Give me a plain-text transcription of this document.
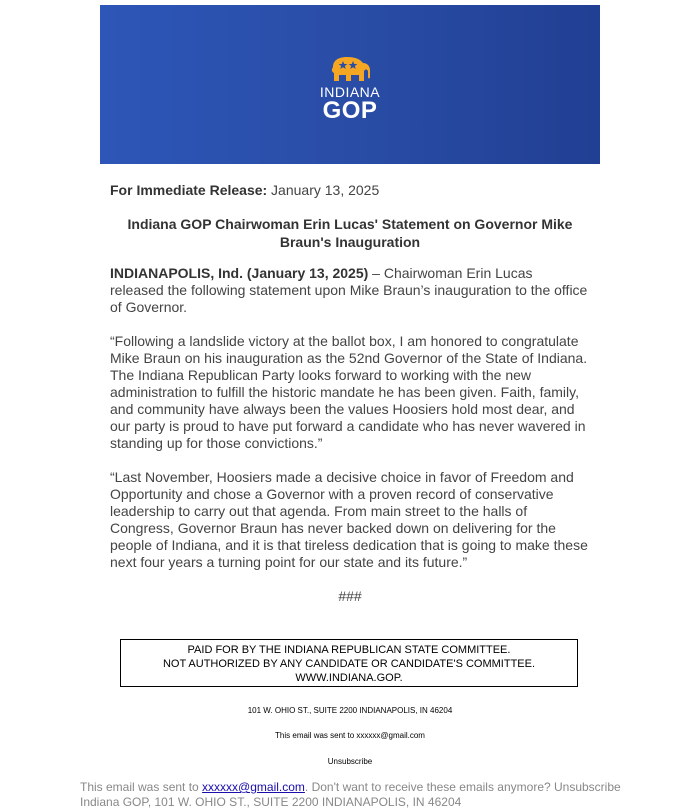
INDIANA
GOP

For Immediate Release: January 13, 2025

Indiana GOP Chairwoman Erin Lucas' Statement on Governor Mike Braun's Inauguration

INDIANAPOLIS, Ind. (January 13, 2025) – Chairwoman Erin Lucas released the following statement upon Mike Braun’s inauguration to the office of Governor.

“Following a landslide victory at the ballot box, I am honored to congratulate Mike Braun on his inauguration as the 52nd Governor of the State of Indiana. The Indiana Republican Party looks forward to working with the new administration to fulfill the historic mandate he has been given. Faith, family, and community have always been the values Hoosiers hold most dear, and our party is proud to have put forward a candidate who has never wavered in standing up for those convictions.”

“Last November, Hoosiers made a decisive choice in favor of Freedom and Opportunity and chose a Governor with a proven record of conservative leadership to carry out that agenda. From main street to the halls of Congress, Governor Braun has never backed down on delivering for the people of Indiana, and it is that tireless dedication that is going to make these next four years a turning point for our state and its future.”

###
PAID FOR BY THE INDIANA REPUBLICAN STATE COMMITTEE.
NOT AUTHORIZED BY ANY CANDIDATE OR CANDIDATE'S COMMITTEE.
WWW.INDIANA.GOP.
101 W. OHIO ST., SUITE 2200 INDIANAPOLIS, IN 46204
This email was sent to xxxxxx@gmail.com
Unsubscribe
This email was sent to xxxxxx@gmail.com. Don't want to receive these emails anymore? Unsubscribe
Indiana GOP, 101 W. OHIO ST., SUITE 2200 INDIANAPOLIS, IN 46204
